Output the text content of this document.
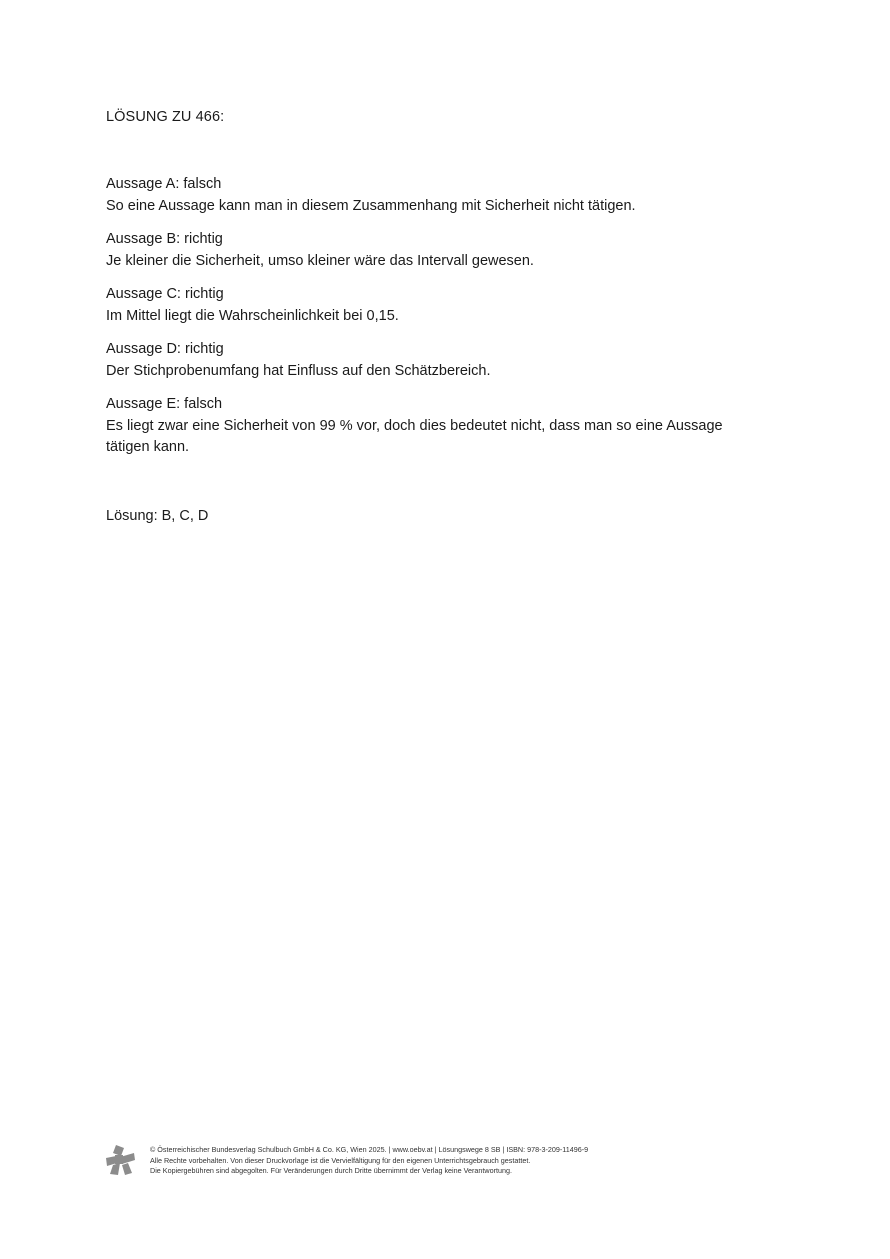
LÖSUNG ZU 466:
Aussage A: falsch
So eine Aussage kann man in diesem Zusammenhang mit Sicherheit nicht tätigen.
Aussage B: richtig
Je kleiner die Sicherheit, umso kleiner wäre das Intervall gewesen.
Aussage C: richtig
Im Mittel liegt die Wahrscheinlichkeit bei 0,15.
Aussage D: richtig
Der Stichprobenumfang hat Einfluss auf den Schätzbereich.
Aussage E: falsch
Es liegt zwar eine Sicherheit von 99 % vor, doch dies bedeutet nicht, dass man so eine Aussage tätigen kann.
Lösung: B, C, D
© Österreichischer Bundesverlag Schulbuch GmbH & Co. KG, Wien 2025. | www.oebv.at | Lösungswege 8 SB | ISBN: 978-3-209-11496-9
Alle Rechte vorbehalten. Von dieser Druckvorlage ist die Vervielfältigung für den eigenen Unterrichtsgebrauch gestattet.
Die Kopiergebühren sind abgegolten. Für Veränderungen durch Dritte übernimmt der Verlag keine Verantwortung.
